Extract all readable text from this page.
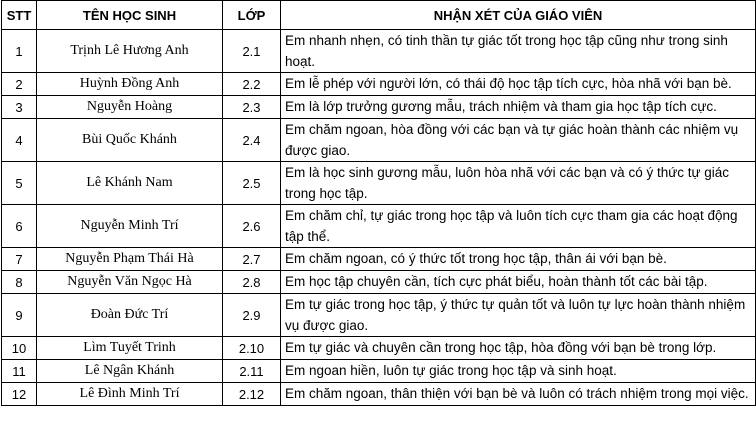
STT	TÊN HỌC SINH	LỚP	NHẬN XÉT CỦA GIÁO VIÊN
1	Trịnh Lê Hương Anh	2.1	Em nhanh nhẹn, có tinh thần tự giác tốt trong học tập cũng như trong sinh hoạt.
2	Huỳnh Đồng Anh	2.2	Em lễ phép với người lớn, có thái độ học tập tích cực, hòa nhã với bạn bè.
3	Nguyễn Hoàng	2.3	Em là lớp trưởng gương mẫu, trách nhiệm và tham gia học tập tích cực.
4	Bùi Quốc Khánh	2.4	Em chăm ngoan, hòa đồng với các bạn và tự giác hoàn thành các nhiệm vụ được giao.
5	Lê Khánh Nam	2.5	Em là học sinh gương mẫu, luôn hòa nhã với các bạn và có ý thức tự giác trong học tập.
6	Nguyễn Minh Trí	2.6	Em chăm chỉ, tự giác trong học tập và luôn tích cực tham gia các hoạt động tập thể.
7	Nguyễn Phạm Thái Hà	2.7	Em chăm ngoan, có ý thức tốt trong học tập, thân ái với bạn bè.
8	Nguyễn Văn Ngọc Hà	2.8	Em học tập chuyên cần, tích cực phát biểu, hoàn thành tốt các bài tập.
9	Đoàn Đức Trí	2.9	Em tự giác trong học tập, ý thức tự quản tốt và luôn tự lực hoàn thành nhiệm vụ được giao.
10	Lìm Tuyết Trinh	2.10	Em tự giác và chuyên cần trong học tập, hòa đồng với bạn bè trong lớp.
11	Lê Ngân Khánh	2.11	Em ngoan hiền, luôn tự giác trong học tập và sinh hoạt.
12	Lê Đình Minh Trí	2.12	Em chăm ngoan, thân thiện với bạn bè và luôn có trách nhiệm trong mọi việc.
